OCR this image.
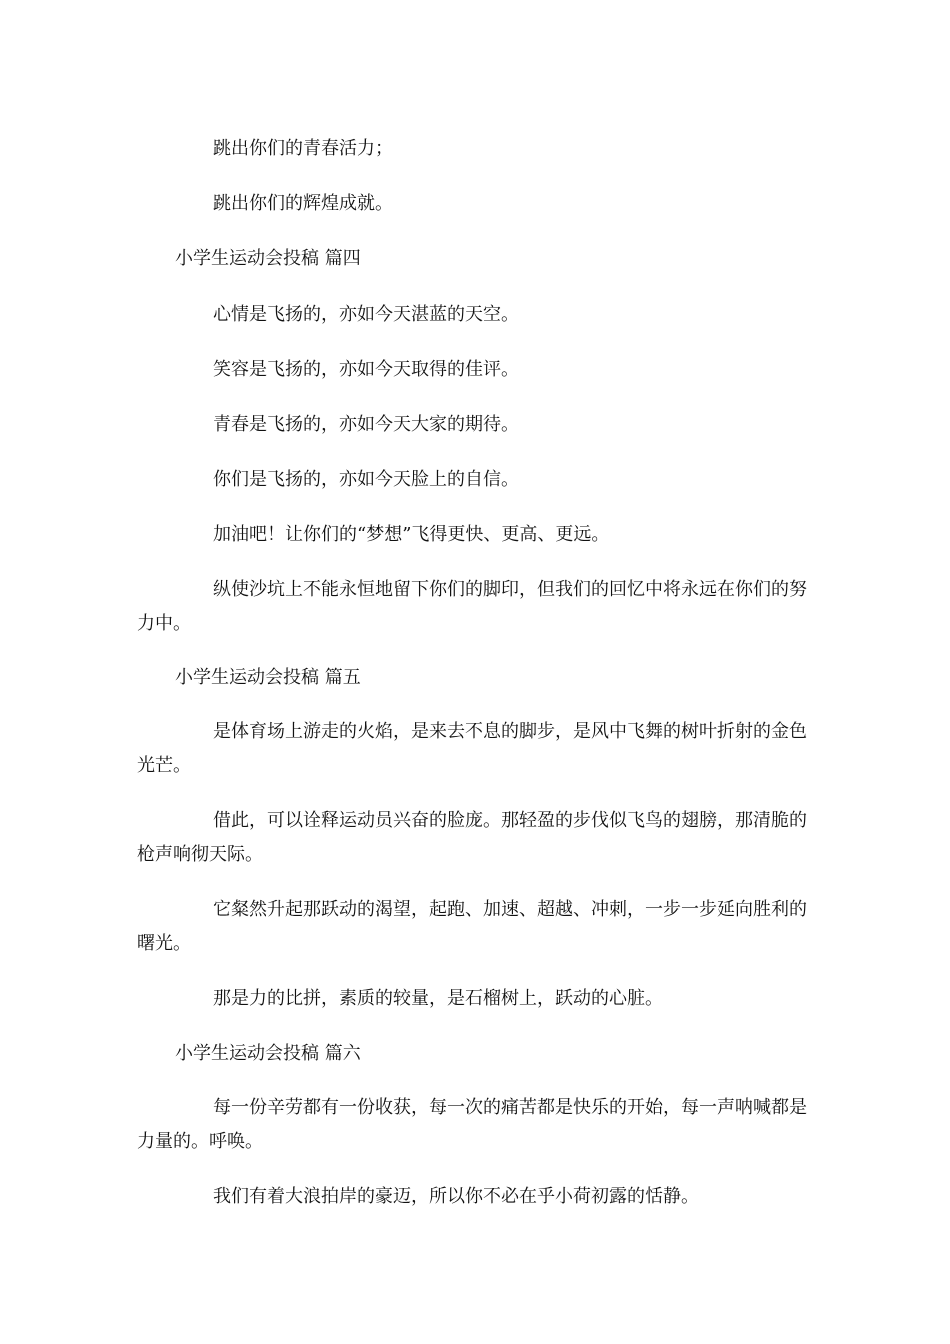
跳出你们的青春活力；
跳出你们的辉煌成就。
小学生运动会投稿 篇四
心情是飞扬的，亦如今天湛蓝的天空。
笑容是飞扬的，亦如今天取得的佳评。
青春是飞扬的，亦如今天大家的期待。
你们是飞扬的，亦如今天脸上的自信。
加油吧！让你们的“梦想”飞得更快、更高、更远。
纵使沙坑上不能永恒地留下你们的脚印，但我们的回忆中将永远在你们的努力中。
小学生运动会投稿 篇五
是体育场上游走的火焰，是来去不息的脚步，是风中飞舞的树叶折射的金色光芒。
借此，可以诠释运动员兴奋的脸庞。那轻盈的步伐似飞鸟的翅膀，那清脆的枪声响彻天际。
它粲然升起那跃动的渴望，起跑、加速、超越、冲刺，一步一步延向胜利的曙光。
那是力的比拼，素质的较量，是石榴树上，跃动的心脏。
小学生运动会投稿 篇六
每一份辛劳都有一份收获，每一次的痛苦都是快乐的开始，每一声呐喊都是力量的。呼唤。
我们有着大浪拍岸的豪迈，所以你不必在乎小荷初露的恬静。
